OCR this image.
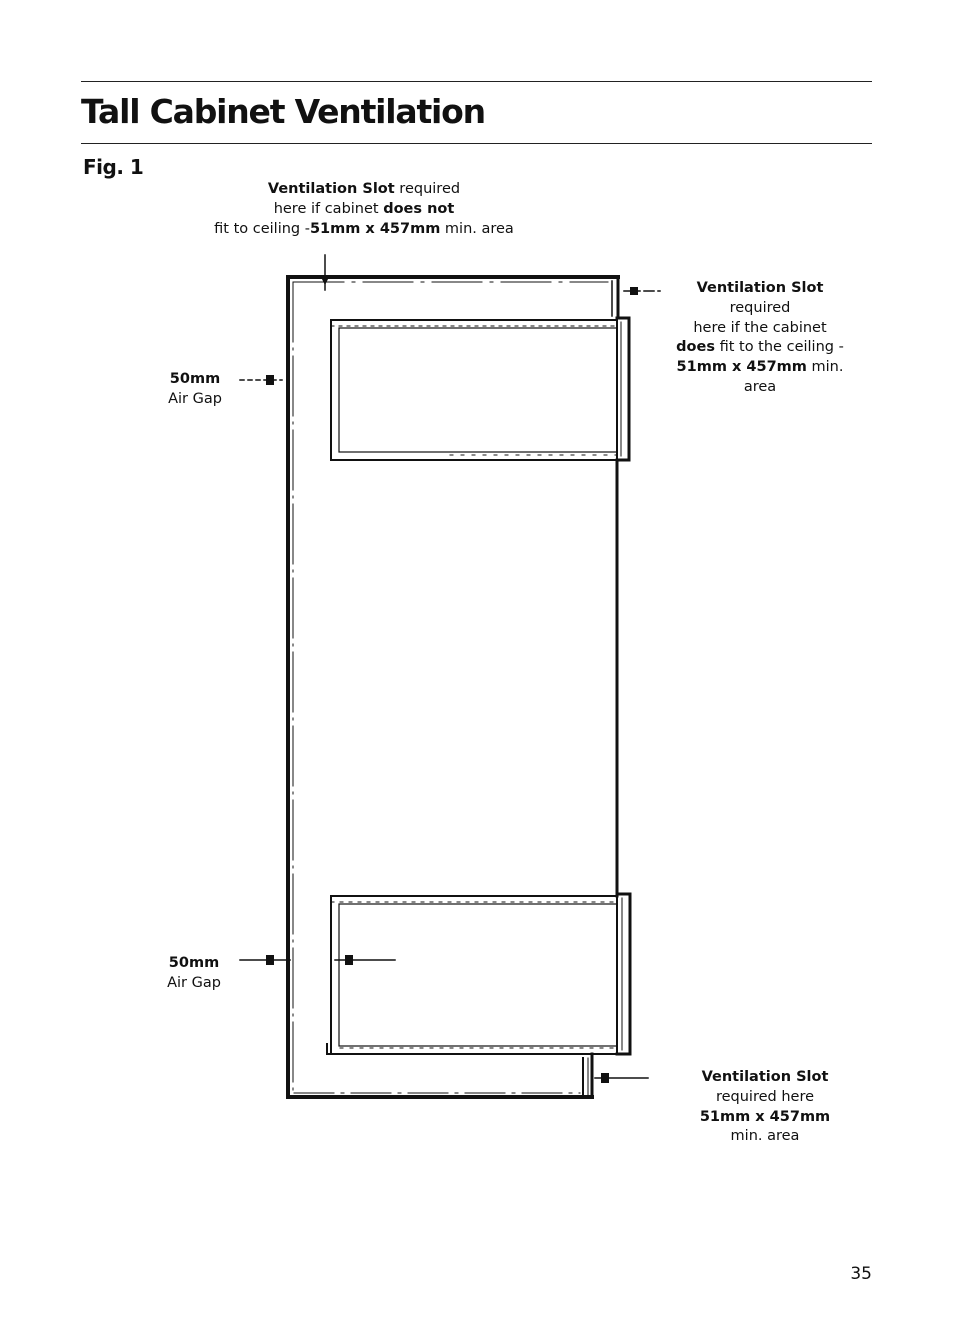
Tall Cabinet Ventilation
Fig. 1
Ventilation Slot required
here if cabinet does not
fit to ceiling -51mm x 457mm min. area
Ventilation Slot
required
here if the cabinet
does fit to the ceiling -
51mm x 457mm min.
area
50mm
Air Gap
50mm
Air Gap
Ventilation Slot
required here
51mm x 457mm
min. area
35
